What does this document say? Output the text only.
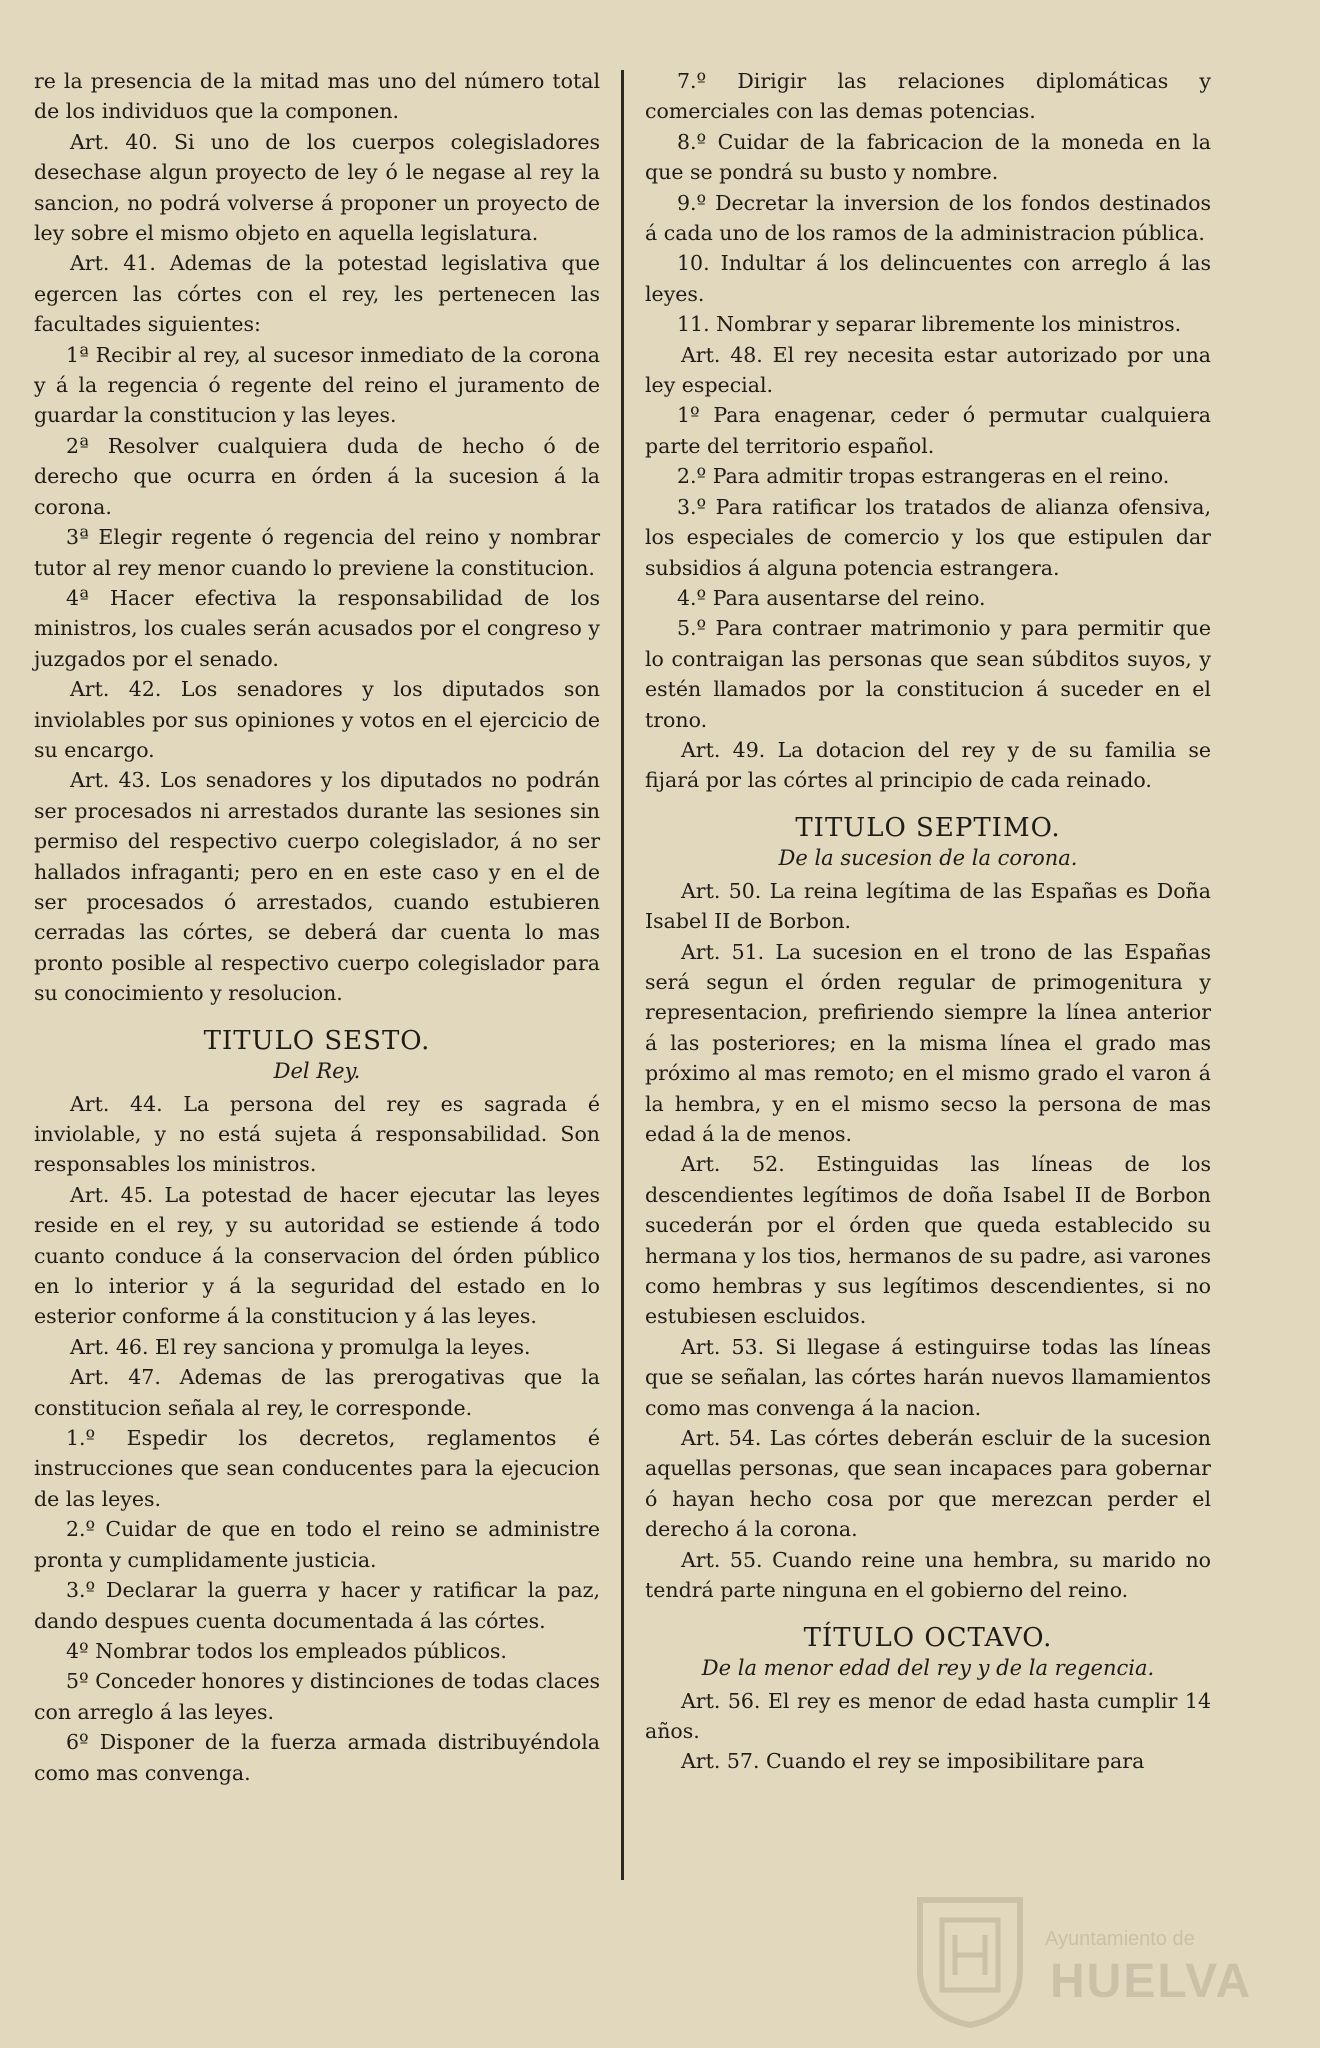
re la presencia de la mitad mas uno del número total de los individuos que la componen.

Art. 40. Si uno de los cuerpos colegisladores desechase algun proyecto de ley ó le negase al rey la sancion, no podrá volverse á proponer un proyecto de ley sobre el mismo objeto en aquella legislatura.

Art. 41. Ademas de la potestad legislativa que egercen las córtes con el rey, les pertenecen las facultades siguientes:

1ª Recibir al rey, al sucesor inmediato de la corona y á la regencia ó regente del reino el juramento de guardar la constitucion y las leyes.

2ª Resolver cualquiera duda de hecho ó de derecho que ocurra en órden á la sucesion á la corona.

3ª Elegir regente ó regencia del reino y nombrar tutor al rey menor cuando lo previene la constitucion.

4ª Hacer efectiva la responsabilidad de los ministros, los cuales serán acusados por el congreso y juzgados por el senado.

Art. 42. Los senadores y los diputados son inviolables por sus opiniones y votos en el ejercicio de su encargo.

Art. 43. Los senadores y los diputados no podrán ser procesados ni arrestados durante las sesiones sin permiso del respectivo cuerpo colegislador, á no ser hallados infraganti; pero en en este caso y en el de ser procesados ó arrestados, cuando estubieren cerradas las córtes, se deberá dar cuenta lo mas pronto posible al respectivo cuerpo colegislador para su conocimiento y resolucion.

TITULO SESTO.
Del Rey.

Art. 44. La persona del rey es sagrada é inviolable, y no está sujeta á responsabilidad. Son responsables los ministros.

Art. 45. La potestad de hacer ejecutar las leyes reside en el rey, y su autoridad se estiende á todo cuanto conduce á la conservacion del órden público en lo interior y á la seguridad del estado en lo esterior conforme á la constitucion y á las leyes.

Art. 46. El rey sanciona y promulga la leyes.

Art. 47. Ademas de las prerogativas que la constitucion señala al rey, le corresponde.

1.º Espedir los decretos, reglamentos é instrucciones que sean conducentes para la ejecucion de las leyes.

2.º Cuidar de que en todo el reino se administre pronta y cumplidamente justicia.

3.º Declarar la guerra y hacer y ratificar la paz, dando despues cuenta documentada á las córtes.

4º Nombrar todos los empleados públicos.

5º Conceder honores y distinciones de todas claces con arreglo á las leyes.

6º Disponer de la fuerza armada distribuyéndola como mas convenga.

7.º Dirigir las relaciones diplomáticas y comerciales con las demas potencias.

8.º Cuidar de la fabricacion de la moneda en la que se pondrá su busto y nombre.

9.º Decretar la inversion de los fondos destinados á cada uno de los ramos de la administracion pública.

10. Indultar á los delincuentes con arreglo á las leyes.

11. Nombrar y separar libremente los ministros.

Art. 48. El rey necesita estar autorizado por una ley especial.

1º Para enagenar, ceder ó permutar cualquiera parte del territorio español.

2.º Para admitir tropas estrangeras en el reino.

3.º Para ratificar los tratados de alianza ofensiva, los especiales de comercio y los que estipulen dar subsidios á alguna potencia estrangera.

4.º Para ausentarse del reino.

5.º Para contraer matrimonio y para permitir que lo contraigan las personas que sean súbditos suyos, y estén llamados por la constitucion á suceder en el trono.

Art. 49. La dotacion del rey y de su familia se fijará por las córtes al principio de cada reinado.

TITULO SEPTIMO.
De la sucesion de la corona.

Art. 50. La reina legítima de las Españas es Doña Isabel II de Borbon.

Art. 51. La sucesion en el trono de las Españas será segun el órden regular de primogenitura y representacion, prefiriendo siempre la línea anterior á las posteriores; en la misma línea el grado mas próximo al mas remoto; en el mismo grado el varon á la hembra, y en el mismo secso la persona de mas edad á la de menos.

Art. 52. Estinguidas las líneas de los descendientes legítimos de doña Isabel II de Borbon sucederán por el órden que queda establecido su hermana y los tios, hermanos de su padre, asi varones como hembras y sus legítimos descendientes, si no estubiesen escluidos.

Art. 53. Si llegase á estinguirse todas las líneas que se señalan, las córtes harán nuevos llamamientos como mas convenga á la nacion.

Art. 54. Las córtes deberán escluir de la sucesion aquellas personas, que sean incapaces para gobernar ó hayan hecho cosa por que merezcan perder el derecho á la corona.

Art. 55. Cuando reine una hembra, su marido no tendrá parte ninguna en el gobierno del reino.

TÍTULO OCTAVO.
De la menor edad del rey y de la regencia.

Art. 56. El rey es menor de edad hasta cumplir 14 años.

Art. 57. Cuando el rey se imposibilitare para

Ayuntamiento de
HUELVA
